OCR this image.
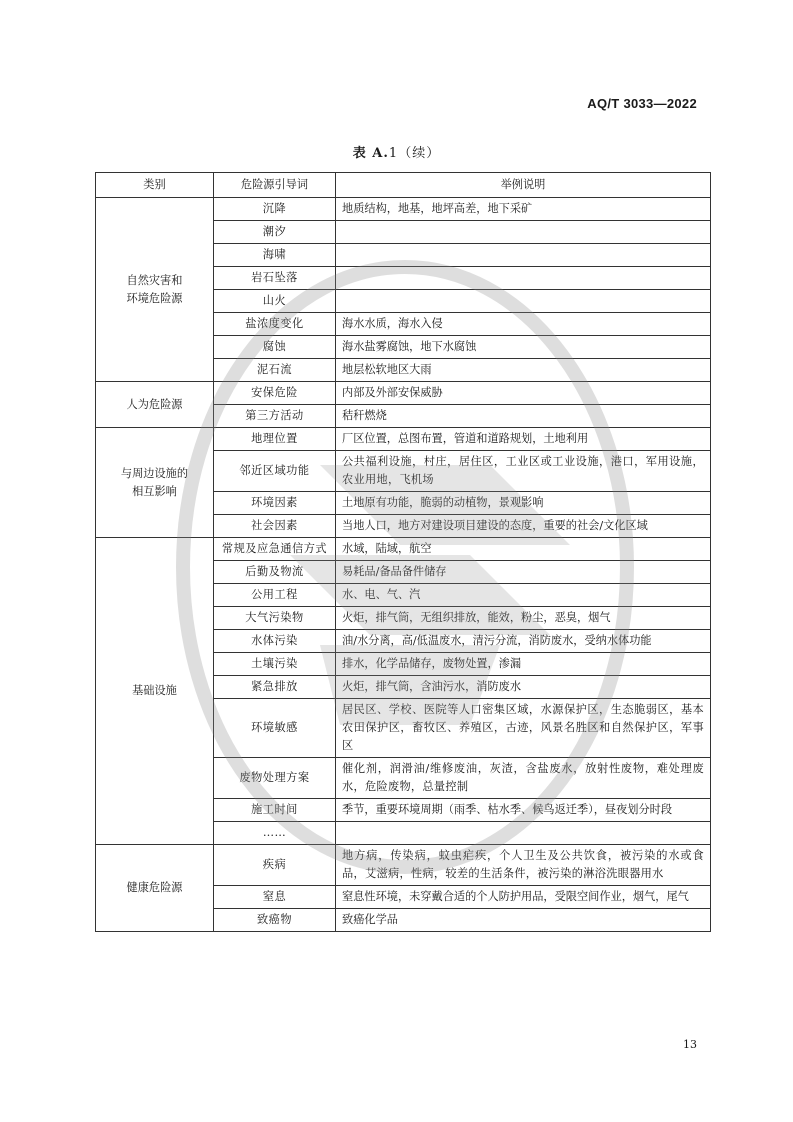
AQ/T 3033—2022
表 A.1（续）
类别	危险源引导词	举例说明
自然灾害和
环境危险源	沉降	地质结构，地基，地坪高差，地下采矿
	潮汐	
	海啸	
	岩石坠落	
	山火	
	盐浓度变化	海水水质，海水入侵
	腐蚀	海水盐雾腐蚀，地下水腐蚀
	泥石流	地层松软地区大雨
人为危险源	安保危险	内部及外部安保威胁
	第三方活动	秸秆燃烧
与周边设施的
相互影响	地理位置	厂区位置，总图布置，管道和道路规划，土地利用
	邻近区域功能	公共福利设施，村庄，居住区，工业区或工业设施，港口，军用设施，农业用地，飞机场
	环境因素	土地原有功能，脆弱的动植物，景观影响
	社会因素	当地人口，地方对建设项目建设的态度，重要的社会/文化区域
基础设施	常规及应急通信方式	水域，陆域，航空
	后勤及物流	易耗品/备品备件储存
	公用工程	水、电、气、汽
	大气污染物	火炬，排气筒，无组织排放，能效，粉尘，恶臭，烟气
	水体污染	油/水分离，高/低温废水，清污分流，消防废水，受纳水体功能
	土壤污染	排水，化学品储存，废物处置，渗漏
	紧急排放	火炬，排气筒，含油污水，消防废水
	环境敏感	居民区、学校、医院等人口密集区域，水源保护区，生态脆弱区，基本农田保护区，畜牧区、养殖区，古迹，风景名胜区和自然保护区，军事区
	废物处理方案	催化剂，润滑油/维修废油，灰渣，含盐废水，放射性废物，难处理废水，危险废物，总量控制
	施工时间	季节，重要环境周期（雨季、枯水季、候鸟返迁季），昼夜划分时段
	……	
健康危险源	疾病	地方病，传染病，蚊虫疟疾，个人卫生及公共饮食，被污染的水或食品，艾滋病，性病，较差的生活条件，被污染的淋浴洗眼器用水
	窒息	窒息性环境，未穿戴合适的个人防护用品，受限空间作业，烟气，尾气
	致癌物	致癌化学品
13
